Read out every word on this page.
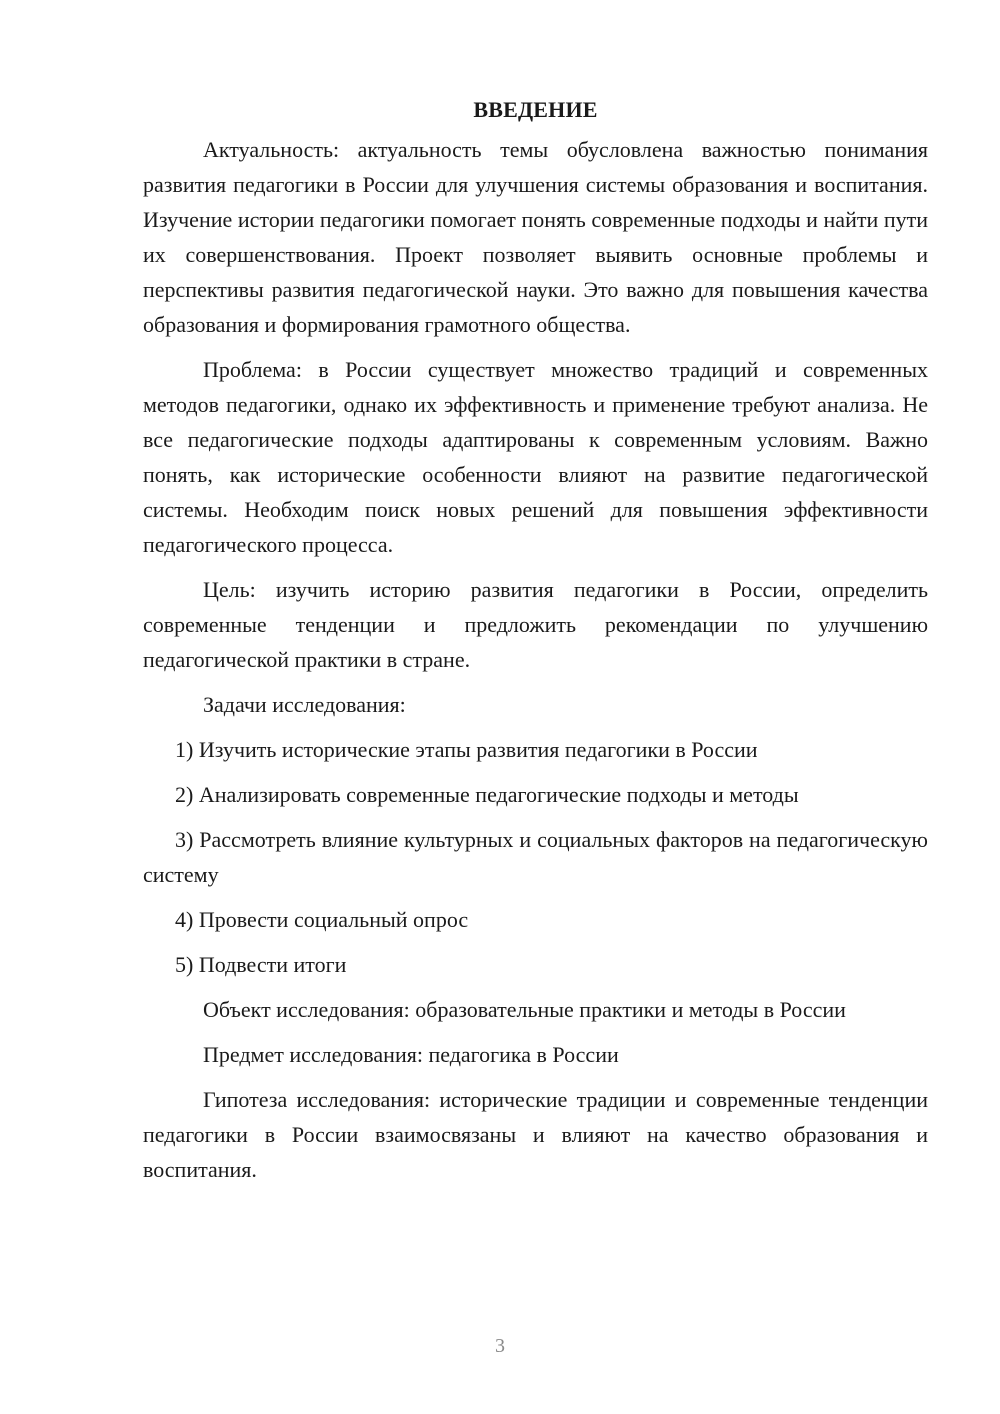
ВВЕДЕНИЕ

Актуальность: актуальность темы обусловлена важностью понимания развития педагогики в России для улучшения системы образования и воспитания. Изучение истории педагогики помогает понять современные подходы и найти пути их совершенствования. Проект позволяет выявить основные проблемы и перспективы развития педагогической науки. Это важно для повышения качества образования и формирования грамотного общества.

Проблема: в России существует множество традиций и современных методов педагогики, однако их эффективность и применение требуют анализа. Не все педагогические подходы адаптированы к современным условиям. Важно понять, как исторические особенности влияют на развитие педагогической системы. Необходим поиск новых решений для повышения эффективности педагогического процесса.

Цель: изучить историю развития педагогики в России, определить современные тенденции и предложить рекомендации по улучшению педагогической практики в стране.

Задачи исследования:

1) Изучить исторические этапы развития педагогики в России

2) Анализировать современные педагогические подходы и методы

3) Рассмотреть влияние культурных и социальных факторов на педагогическую систему

4) Провести социальный опрос

5) Подвести итоги

Объект исследования: образовательные практики и методы в России

Предмет исследования: педагогика в России

Гипотеза исследования: исторические традиции и современные тенденции педагогики в России взаимосвязаны и влияют на качество образования и воспитания.

3
